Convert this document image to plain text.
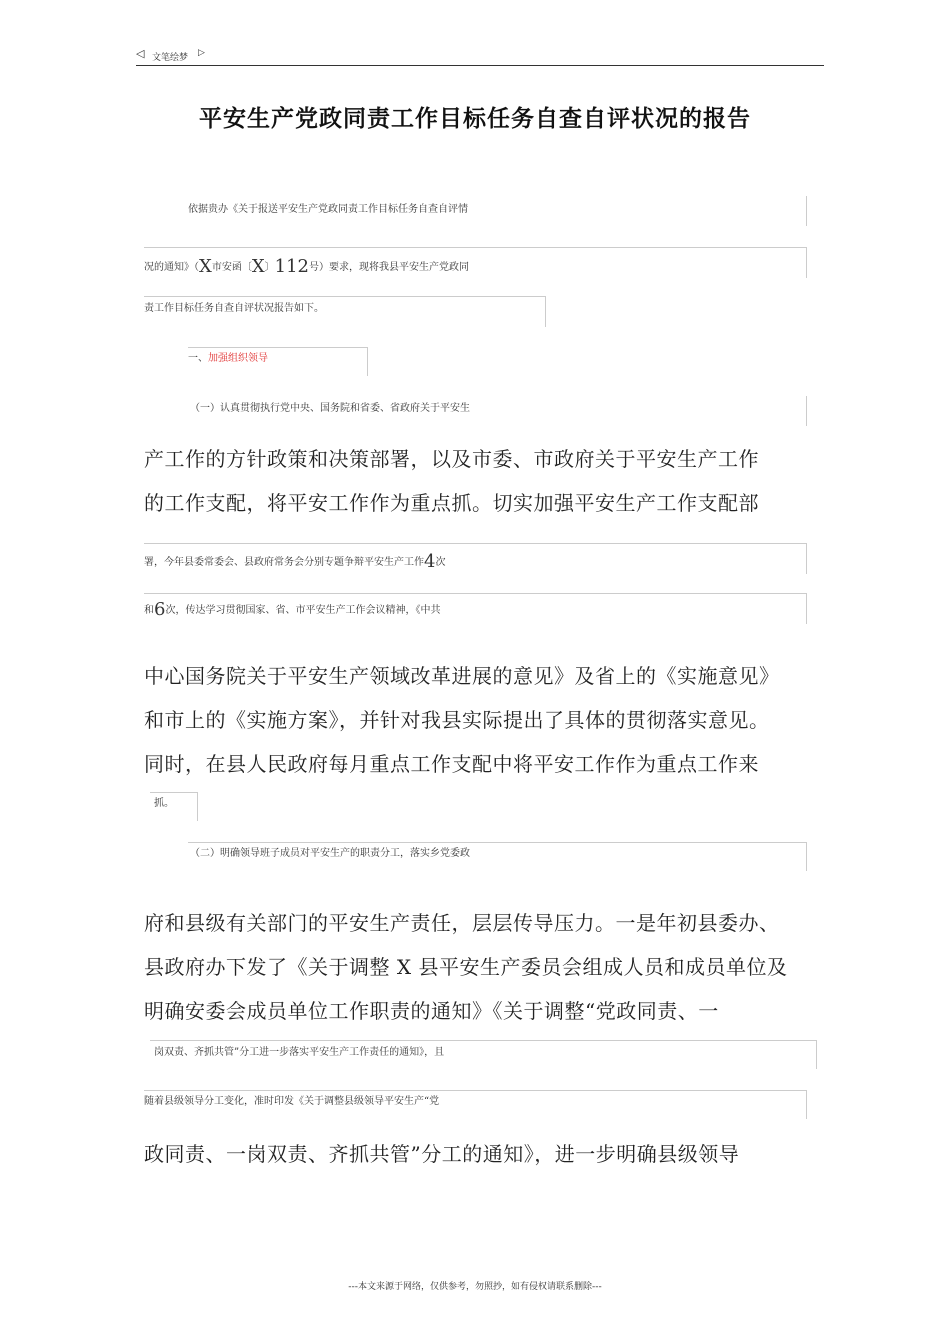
◁ 文笔绘梦 ▷
平安生产党政同责工作目标任务自查自评状况的报告
依据贵办《关于报送平安生产党政同责工作目标任务自查自评情
况的通知》（X市安函〔X〕112号）要求，现将我县平安生产党政同
责工作目标任务自查自评状况报告如下。
一、加强组织领导
（一）认真贯彻执行党中央、国务院和省委、省政府关于平安生
产工作的方针政策和决策部署，以及市委、市政府关于平安生产工作
的工作支配，将平安工作作为重点抓。切实加强平安生产工作支配部
署，今年县委常委会、县政府常务会分别专题争辩平安生产工作4次
和6次，传达学习贯彻国家、省、市平安生产工作会议精神，《中共
中心国务院关于平安生产领域改革进展的意见》及省上的《实施意见》
和市上的《实施方案》，并针对我县实际提出了具体的贯彻落实意见。
同时，在县人民政府每月重点工作支配中将平安工作作为重点工作来
抓。
（二）明确领导班子成员对平安生产的职责分工，落实乡党委政
府和县级有关部门的平安生产责任，层层传导压力。一是年初县委办、
县政府办下发了《关于调整 X 县平安生产委员会组成人员和成员单位及
明确安委会成员单位工作职责的通知》《关于调整“党政同责、一
岗双责、齐抓共管”分工进一步落实平安生产工作责任的通知》，且
随着县级领导分工变化，准时印发《关于调整县级领导平安生产“党
政同责、一岗双责、齐抓共管”分工的通知》，进一步明确县级领导
---本文来源于网络，仅供参考，勿照抄，如有侵权请联系删除---
